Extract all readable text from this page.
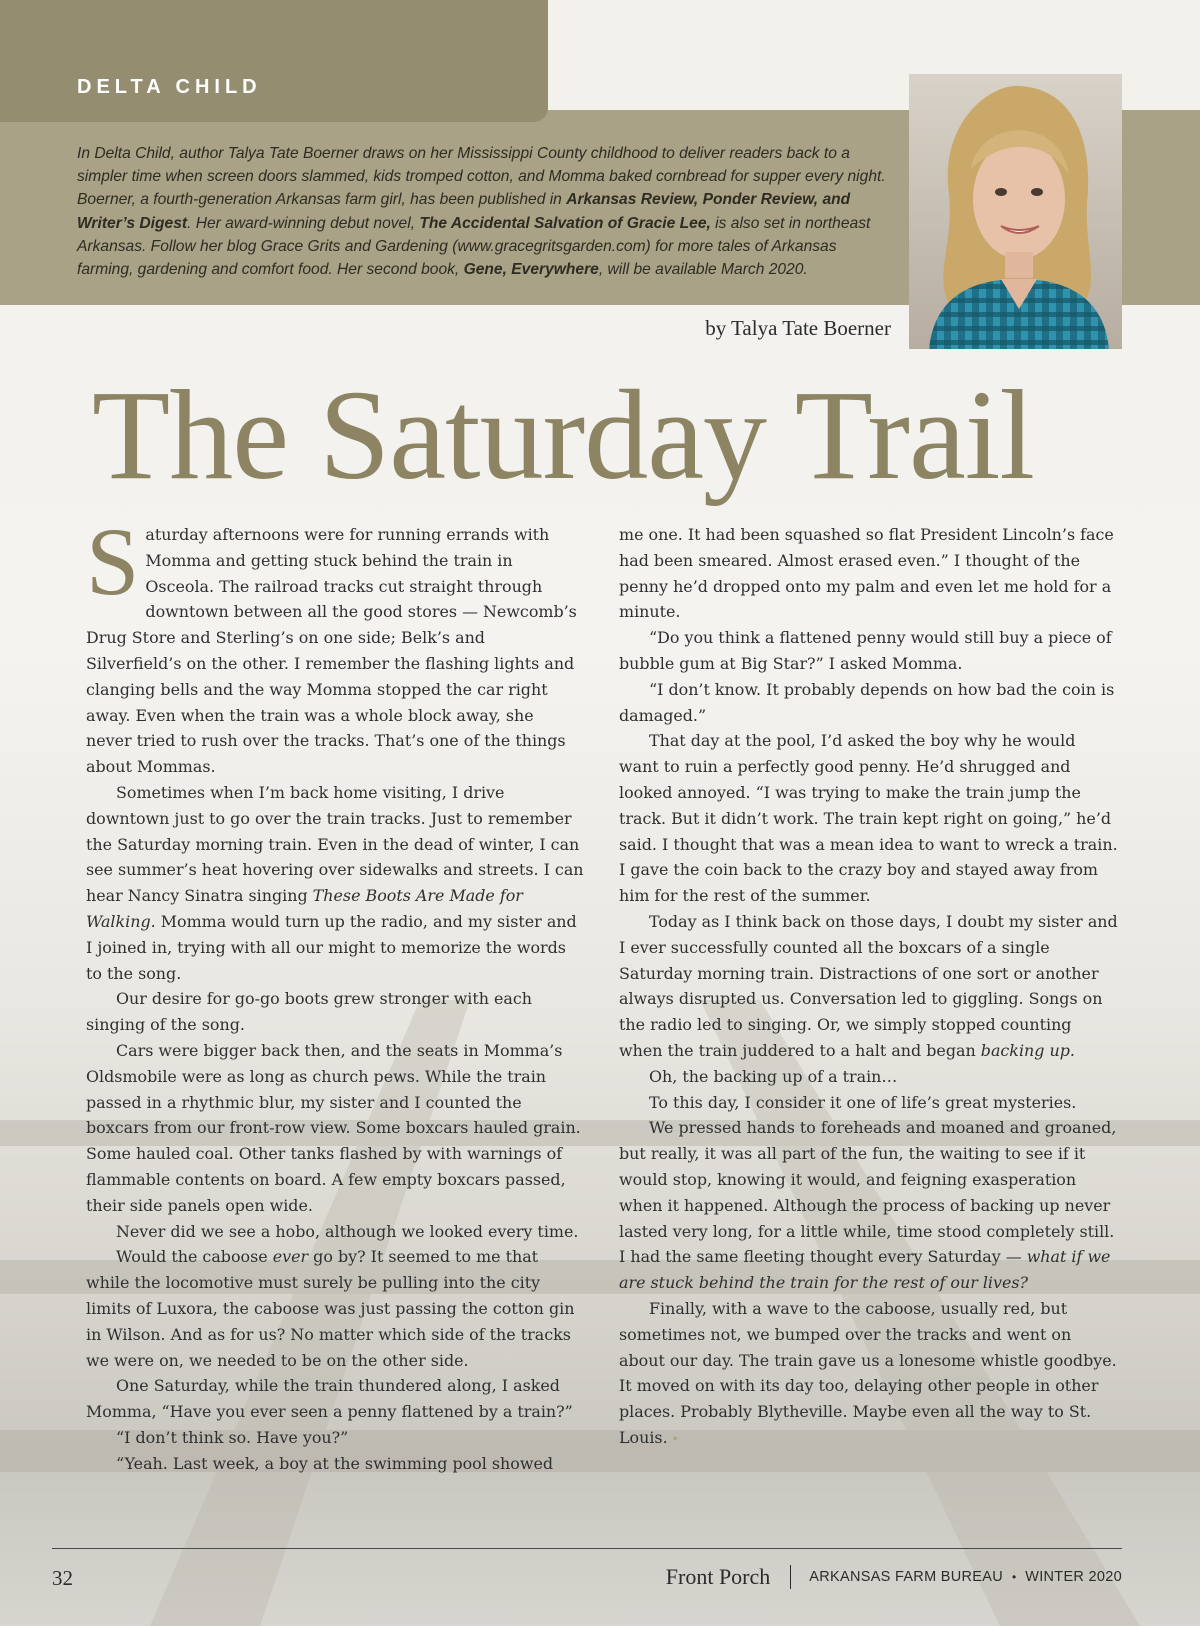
DELTA CHILD
In Delta Child, author Talya Tate Boerner draws on her Mississippi County childhood to deliver readers back to a simpler time when screen doors slammed, kids tromped cotton, and Momma baked cornbread for supper every night. Boerner, a fourth-generation Arkansas farm girl, has been published in Arkansas Review, Ponder Review, and Writer’s Digest. Her award-winning debut novel, The Accidental Salvation of Gracie Lee, is also set in northeast Arkansas. Follow her blog Grace Grits and Gardening (www.gracegritsgarden.com) for more tales of Arkansas farming, gardening and comfort food. Her second book, Gene, Everywhere, will be available March 2020.
by Talya Tate Boerner
The Saturday Trail

Saturday afternoons were for running errands with Momma and getting stuck behind the train in Osceola. The railroad tracks cut straight through downtown between all the good stores — Newcomb’s Drug Store and Sterling’s on one side; Belk’s and Silverfield’s on the other. I remember the flashing lights and clanging bells and the way Momma stopped the car right away. Even when the train was a whole block away, she never tried to rush over the tracks. That’s one of the things about Mommas.

Sometimes when I’m back home visiting, I drive downtown just to go over the train tracks. Just to remember the Saturday morning train. Even in the dead of winter, I can see summer’s heat hovering over sidewalks and streets. I can hear Nancy Sinatra singing These Boots Are Made for Walking. Momma would turn up the radio, and my sister and I joined in, trying with all our might to memorize the words to the song.

Our desire for go-go boots grew stronger with each singing of the song.

Cars were bigger back then, and the seats in Momma’s Oldsmobile were as long as church pews. While the train passed in a rhythmic blur, my sister and I counted the boxcars from our front-row view. Some boxcars hauled grain. Some hauled coal. Other tanks flashed by with warnings of flammable contents on board. A few empty boxcars passed, their side panels open wide.

Never did we see a hobo, although we looked every time.

Would the caboose ever go by? It seemed to me that while the locomotive must surely be pulling into the city limits of Luxora, the caboose was just passing the cotton gin in Wilson. And as for us? No matter which side of the tracks we were on, we needed to be on the other side.

One Saturday, while the train thundered along, I asked Momma, “Have you ever seen a penny flattened by a train?”

“I don’t think so. Have you?”

“Yeah. Last week, a boy at the swimming pool showed

me one. It had been squashed so flat President Lincoln’s face had been smeared. Almost erased even.” I thought of the penny he’d dropped onto my palm and even let me hold for a minute.

“Do you think a flattened penny would still buy a piece of bubble gum at Big Star?” I asked Momma.

“I don’t know. It probably depends on how bad the coin is damaged.”

That day at the pool, I’d asked the boy why he would want to ruin a perfectly good penny. He’d shrugged and looked annoyed. “I was trying to make the train jump the track. But it didn’t work. The train kept right on going,” he’d said. I thought that was a mean idea to want to wreck a train. I gave the coin back to the crazy boy and stayed away from him for the rest of the summer.

Today as I think back on those days, I doubt my sister and I ever successfully counted all the boxcars of a single Saturday morning train. Distractions of one sort or another always disrupted us. Conversation led to giggling. Songs on the radio led to singing. Or, we simply stopped counting when the train juddered to a halt and began backing up.

Oh, the backing up of a train…

To this day, I consider it one of life’s great mysteries.

We pressed hands to foreheads and moaned and groaned, but really, it was all part of the fun, the waiting to see if it would stop, knowing it would, and feigning exasperation when it happened. Although the process of backing up never lasted very long, for a little while, time stood completely still. I had the same fleeting thought every Saturday — what if we are stuck behind the train for the rest of our lives?

Finally, with a wave to the caboose, usually red, but sometimes not, we bumped over the tracks and went on about our day. The train gave us a lonesome whistle goodbye. It moved on with its day too, delaying other people in other places. Probably Blytheville. Maybe even all the way to St. Louis. •

32	Front Porch	ARKANSAS FARM BUREAU • WINTER 2020
